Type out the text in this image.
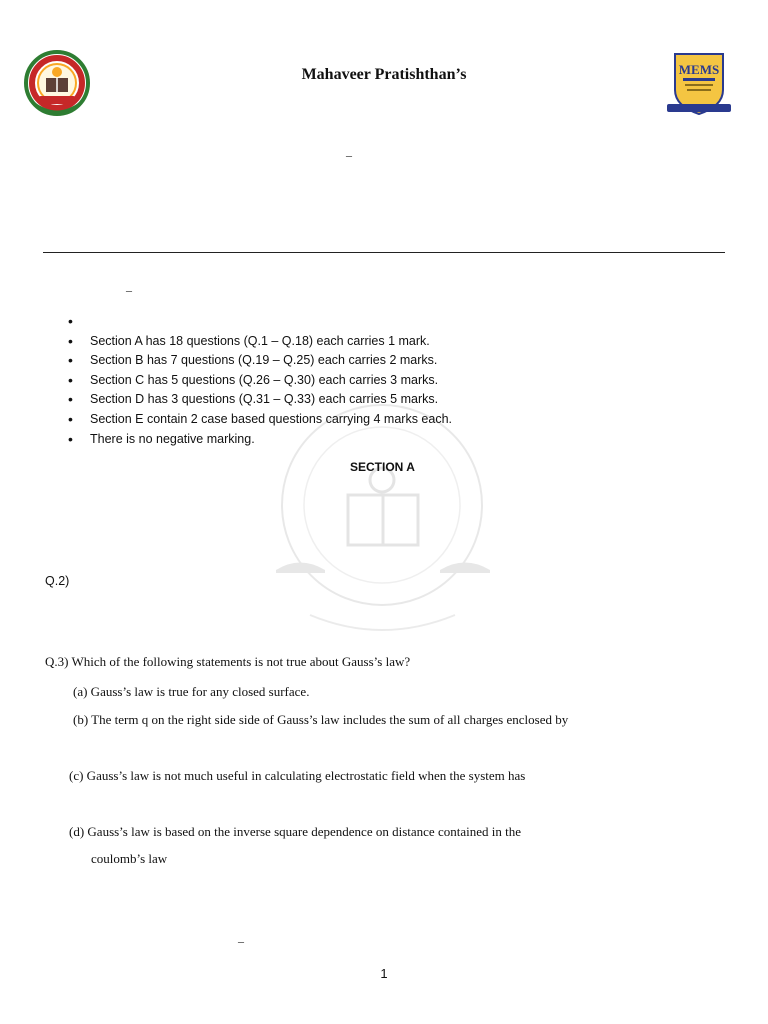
Mahaveer Pratishthan’s	MEMS
–
–
•
• Section A has 18 questions (Q.1 – Q.18) each carries 1 mark.
• Section B has 7 questions (Q.19 – Q.25) each carries 2 marks.
• Section C has 5 questions (Q.26 – Q.30) each carries 3 marks.
• Section D has 3 questions (Q.31 – Q.33) each carries 5 marks.
• Section E contain 2 case based questions carrying 4 marks each.
• There is no negative marking.
SECTION A
Q.2)
Q.3) Which of the following statements is not true about Gauss’s law?
(a) Gauss’s law is true for any closed surface.
(b) The term q on the right side side of Gauss’s law includes the sum of all charges enclosed by
(c) Gauss’s law is not much useful in calculating electrostatic field when the system has
(d) Gauss’s law is based on the inverse square dependence on distance contained in the
coulomb’s law
–
1
